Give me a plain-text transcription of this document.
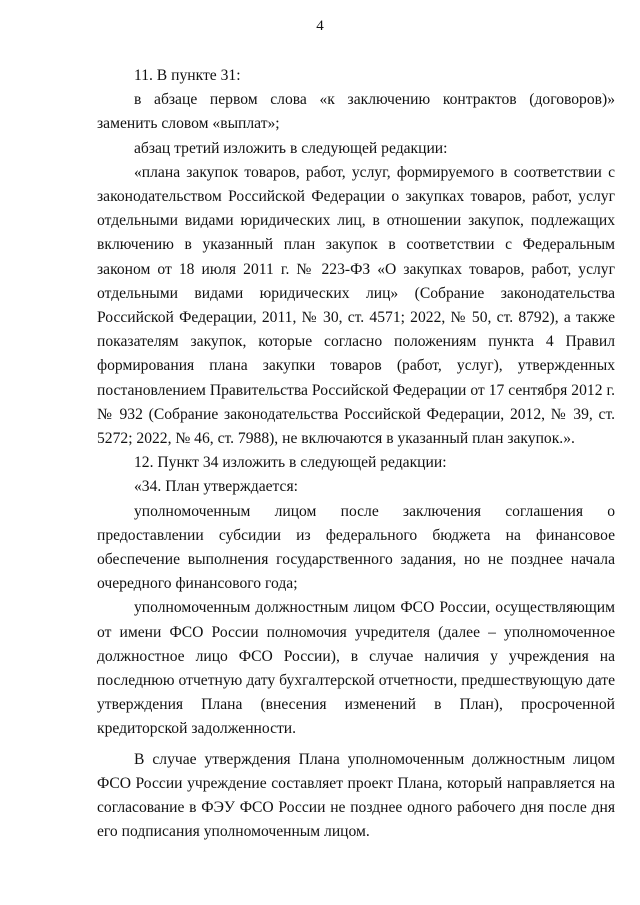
4

11. В пункте 31:

в абзаце первом слова «к заключению контрактов (договоров)» заменить словом «выплат»;

абзац третий изложить в следующей редакции:

«плана закупок товаров, работ, услуг, формируемого в соответствии с законодательством Российской Федерации о закупках товаров, работ, услуг отдельными видами юридических лиц, в отношении закупок, подлежащих включению в указанный план закупок в соответствии с Федеральным законом от 18 июля 2011 г. № 223-ФЗ «О закупках товаров, работ, услуг отдельными видами юридических лиц» (Собрание законодательства Российской Федерации, 2011, № 30, ст. 4571; 2022, № 50, ст. 8792), а также показателям закупок, которые согласно положениям пункта 4 Правил формирования плана закупки товаров (работ, услуг), утвержденных постановлением Правительства Российской Федерации от 17 сентября 2012 г. № 932 (Собрание законодательства Российской Федерации, 2012, № 39, ст. 5272; 2022, № 46, ст. 7988), не включаются в указанный план закупок.».

12. Пункт 34 изложить в следующей редакции:

«34. План утверждается:

уполномоченным лицом после заключения соглашения о предоставлении субсидии из федерального бюджета на финансовое обеспечение выполнения государственного задания, но не позднее начала очередного финансового года;

уполномоченным должностным лицом ФСО России, осуществляющим от имени ФСО России полномочия учредителя (далее – уполномоченное должностное лицо ФСО России), в случае наличия у учреждения на последнюю отчетную дату бухгалтерской отчетности, предшествующую дате утверждения Плана (внесения изменений в План), просроченной кредиторской задолженности.

В случае утверждения Плана уполномоченным должностным лицом ФСО России учреждение составляет проект Плана, который направляется на согласование в ФЭУ ФСО России не позднее одного рабочего дня после дня его подписания уполномоченным лицом.
